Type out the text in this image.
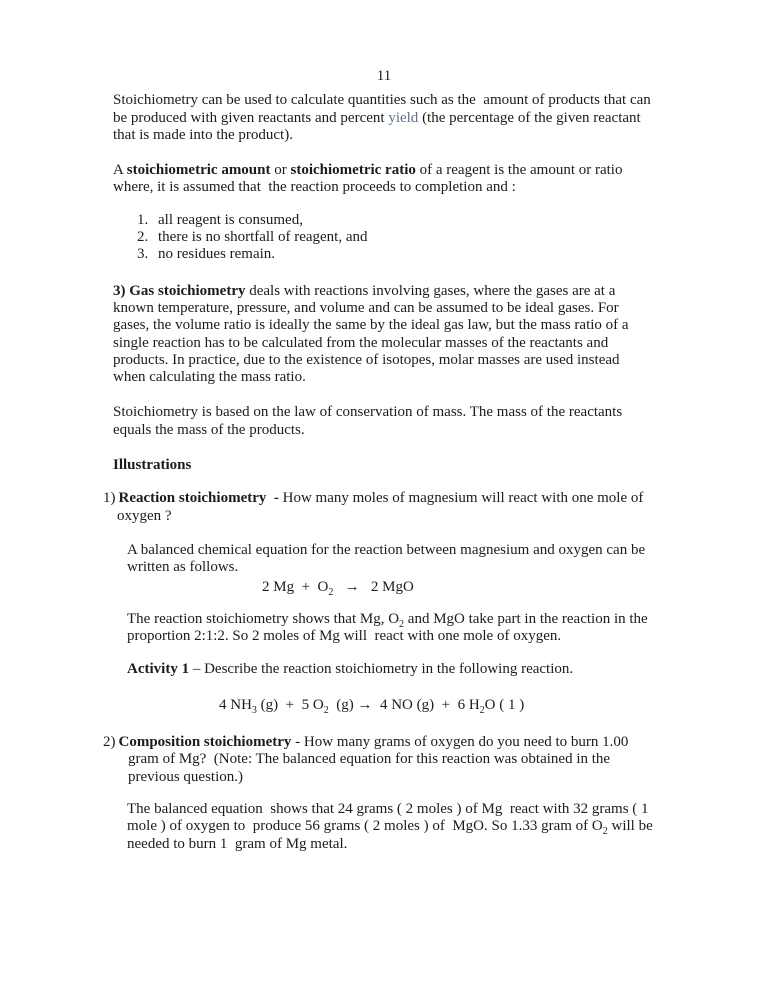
11

Stoichiometry can be used to calculate quantities such as the  amount of products that can be produced with given reactants and percent yield (the percentage of the given reactant that is made into the product).

A stoichiometric amount or stoichiometric ratio of a reagent is the amount or ratio where, it is assumed that  the reaction proceeds to completion and :

1. all reagent is consumed,
2. there is no shortfall of reagent, and
3. no residues remain.

3) Gas stoichiometry deals with reactions involving gases, where the gases are at a known temperature, pressure, and volume and can be assumed to be ideal gases. For gases, the volume ratio is ideally the same by the ideal gas law, but the mass ratio of a single reaction has to be calculated from the molecular masses of the reactants and products. In practice, due to the existence of isotopes, molar masses are used instead when calculating the mass ratio.

Stoichiometry is based on the law of conservation of mass. The mass of the reactants equals the mass of the products.

Illustrations
1) Reaction stoichiometry  - How many moles of magnesium will react with one mole of oxygen ?

A balanced chemical equation for the reaction between magnesium and oxygen can be written as follows.

2 $Mg + O_2 \to 2$ MgO

The reaction stoichiometry shows that Mg, $O_2$ and MgO take part in the reaction in the proportion 2:1:2. So 2 moles of Mg will  react with one mole of oxygen.

Activity 1 – Describe the reaction stoichiometry in the following reaction.

4 $NH_3$ (g)  +  5 $O_2$  (g) →  4 NO (g)  +  6 $H_2O$ ( 1 )

2) Composition stoichiometry - How many grams of oxygen do you need to burn 1.00 gram of Mg?  (Note: The balanced equation for this reaction was obtained in the previous question.)

The balanced equation  shows that 24 grams ( 2 moles ) of Mg  react with 32 grams ( 1 mole ) of oxygen to  produce 56 grams ( 2 moles ) of  MgO. So 1.33 gram of $O_2$ will be needed to burn 1  gram of Mg metal.
